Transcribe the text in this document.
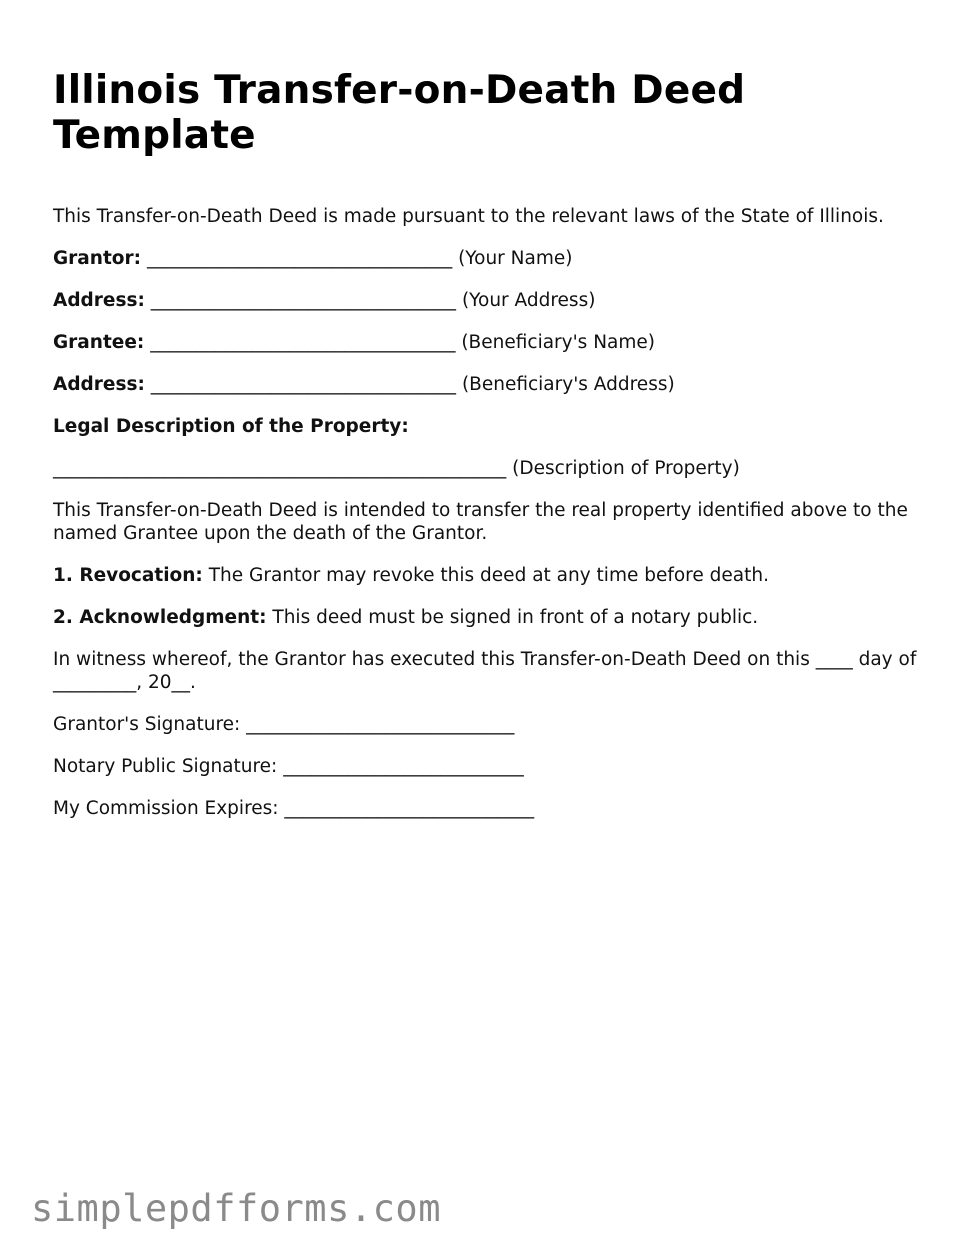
Illinois Transfer-on-Death Deed Template

This Transfer-on-Death Deed is made pursuant to the relevant laws of the State of Illinois.

Grantor: _________________________________ (Your Name)

Address: _________________________________ (Your Address)

Grantee: _________________________________ (Beneficiary's Name)

Address: _________________________________ (Beneficiary's Address)

Legal Description of the Property:

_________________________________________________ (Description of Property)

This Transfer-on-Death Deed is intended to transfer the real property identified above to the named Grantee upon the death of the Grantor.

1. Revocation: The Grantor may revoke this deed at any time before death.

2. Acknowledgment: This deed must be signed in front of a notary public.

In witness whereof, the Grantor has executed this Transfer-on-Death Deed on this ____ day of _________, 20__.

Grantor's Signature: _____________________________

Notary Public Signature: __________________________

My Commission Expires: ___________________________

simplepdfforms.com
